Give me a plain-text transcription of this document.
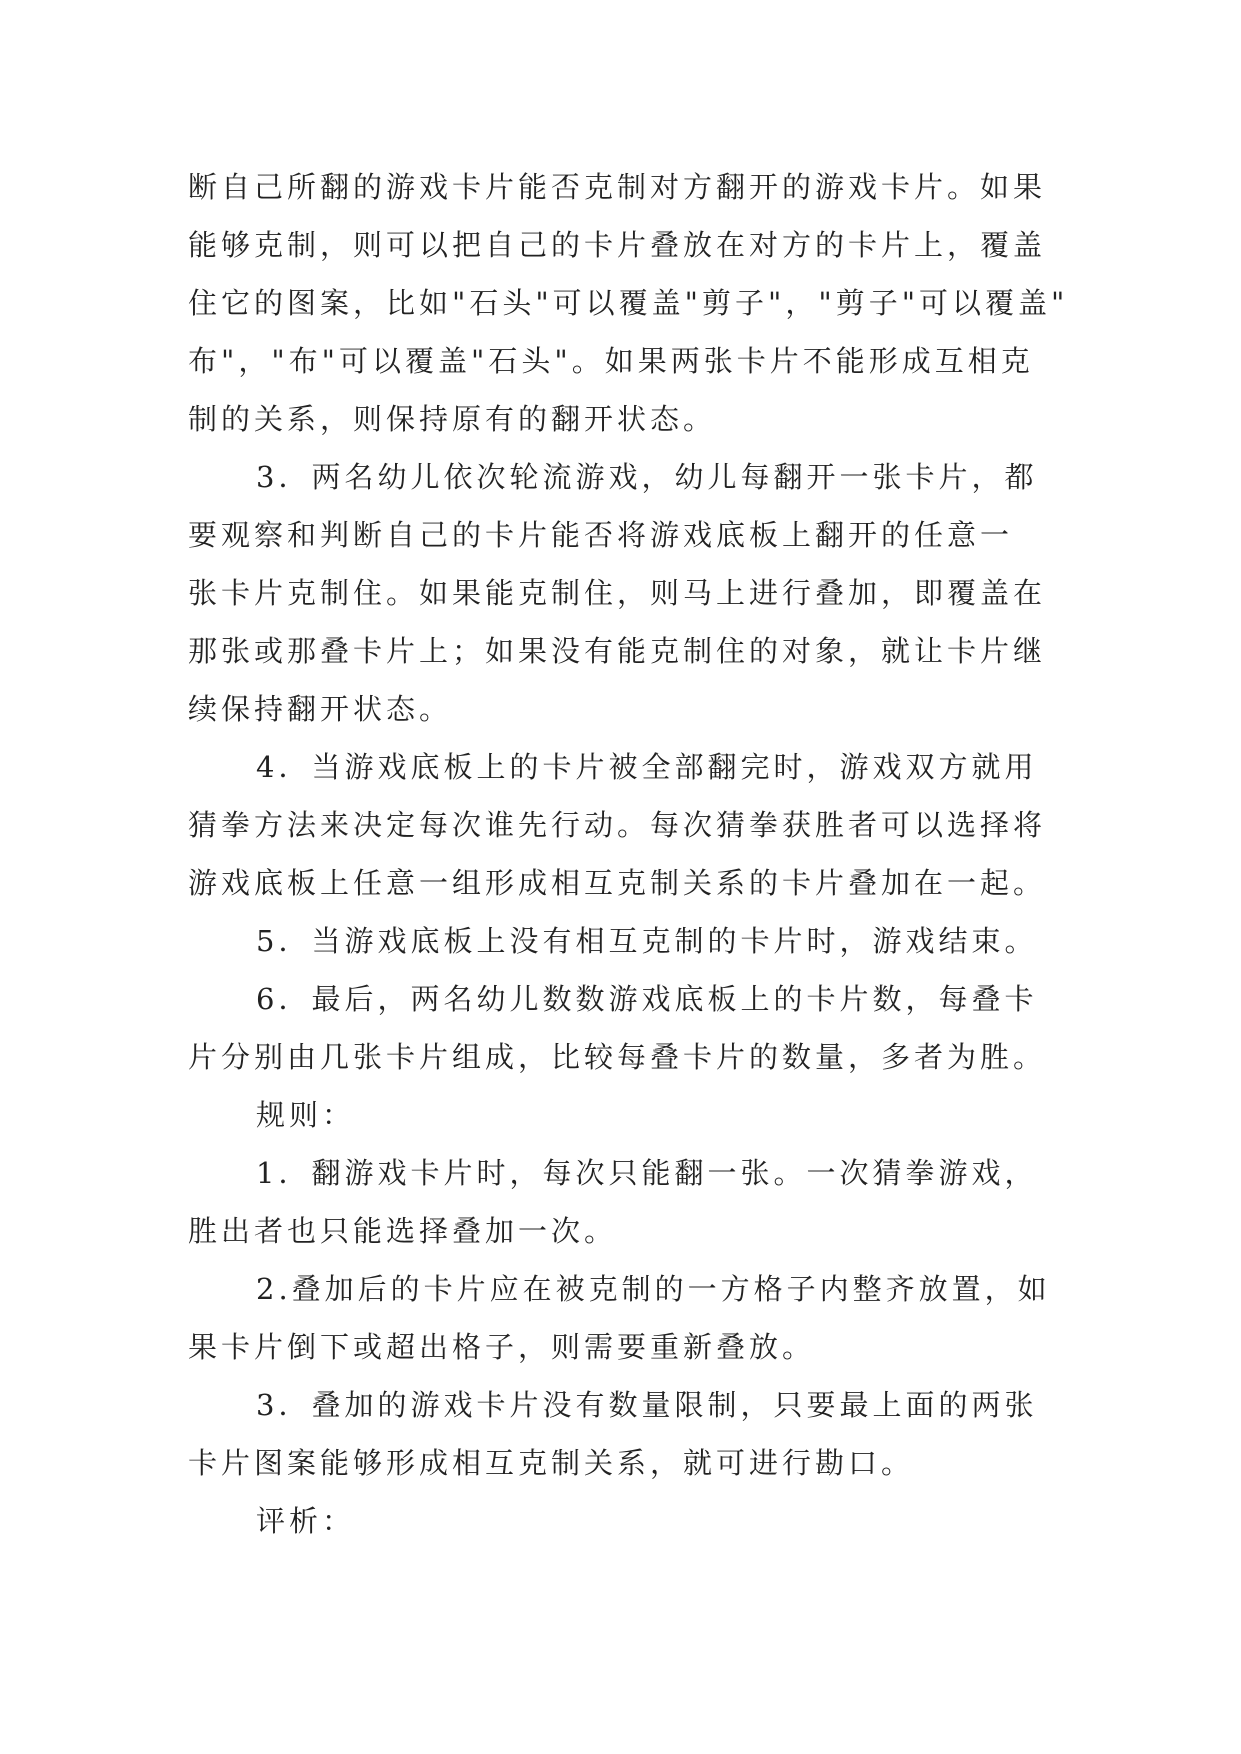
断自己所翻的游戏卡片能否克制对方翻开的游戏卡片。如果
能够克制，则可以把自己的卡片叠放在对方的卡片上，覆盖
住它的图案，比如"石头"可以覆盖"剪子"，"剪子"可以覆盖"
布"，"布"可以覆盖"石头"。如果两张卡片不能形成互相克
制的关系，则保持原有的翻开状态。
3．两名幼儿依次轮流游戏，幼儿每翻开一张卡片，都
要观察和判断自己的卡片能否将游戏底板上翻开的任意一
张卡片克制住。如果能克制住，则马上进行叠加，即覆盖在
那张或那叠卡片上；如果没有能克制住的对象，就让卡片继
续保持翻开状态。
4．当游戏底板上的卡片被全部翻完时，游戏双方就用
猜拳方法来决定每次谁先行动。每次猜拳获胜者可以选择将
游戏底板上任意一组形成相互克制关系的卡片叠加在一起。
5．当游戏底板上没有相互克制的卡片时，游戏结束。
6．最后，两名幼儿数数游戏底板上的卡片数，每叠卡
片分别由几张卡片组成，比较每叠卡片的数量，多者为胜。
规则：
1．翻游戏卡片时，每次只能翻一张。一次猜拳游戏，
胜出者也只能选择叠加一次。
2.叠加后的卡片应在被克制的一方格子内整齐放置，如
果卡片倒下或超出格子，则需要重新叠放。
3．叠加的游戏卡片没有数量限制，只要最上面的两张
卡片图案能够形成相互克制关系，就可进行勘口。
评析：
